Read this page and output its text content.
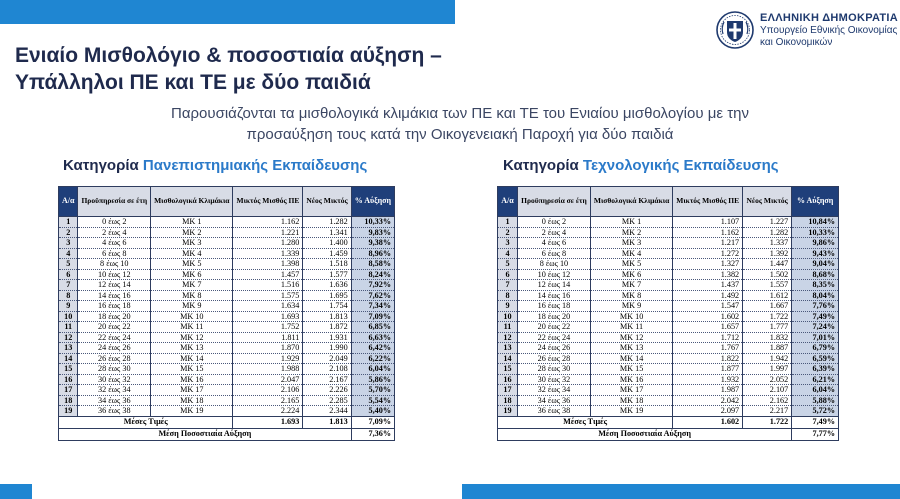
ΕΛΛΗΝΙΚΗ ΔΗΜΟΚΡΑΤΙΑ
Υπουργείο Εθνικής Οικονομίας
και Οικονομικών
Ενιαίο Μισθολόγιο & ποσοστιαία αύξηση –
Υπάλληλοι ΠΕ και ΤΕ με δύο παιδιά
Παρουσιάζονται τα μισθολογικά κλιμάκια των ΠΕ και ΤΕ του Ενιαίου μισθολογίου με την
προσαύξηση τους κατά την Οικογενειακή Παροχή για δύο παιδιά
Κατηγορία Πανεπιστημιακής Εκπαίδευσης	Κατηγορία Τεχνολογικής Εκπαίδευσης
Α/α	Προϋπηρεσία σε έτη	Μισθολογικά Κλιμάκια	Μικτός Μισθός ΠΕ	Νέος Μικτός	% Αύξηση
1	0 έως 2	ΜΚ 1	1.162	1.282	10,33%
2	2 έως 4	ΜΚ 2	1.221	1.341	9,83%
3	4 έως 6	ΜΚ 3	1.280	1.400	9,38%
4	6 έως 8	ΜΚ 4	1.339	1.459	8,96%
5	8 έως 10	ΜΚ 5	1.398	1.518	8,58%
6	10 έως 12	ΜΚ 6	1.457	1.577	8,24%
7	12 έως 14	ΜΚ 7	1.516	1.636	7,92%
8	14 έως 16	ΜΚ 8	1.575	1.695	7,62%
9	16 έως 18	ΜΚ 9	1.634	1.754	7,34%
10	18 έως 20	ΜΚ 10	1.693	1.813	7,09%
11	20 έως 22	ΜΚ 11	1.752	1.872	6,85%
12	22 έως 24	ΜΚ 12	1.811	1.931	6,63%
13	24 έως 26	ΜΚ 13	1.870	1.990	6,42%
14	26 έως 28	ΜΚ 14	1.929	2.049	6,22%
15	28 έως 30	ΜΚ 15	1.988	2.108	6,04%
16	30 έως 32	ΜΚ 16	2.047	2.167	5,86%
17	32 έως 34	ΜΚ 17	2.106	2.226	5,70%
18	34 έως 36	ΜΚ 18	2.165	2.285	5,54%
19	36 έως 38	ΜΚ 19	2.224	2.344	5,40%
Μέσες Τιμές			1.693	1.813	7,09%
Μέση Ποσοστιαία Αύξηση					7,36%
Α/α	Προϋπηρεσία σε έτη	Μισθολογικά Κλιμάκια	Μικτός Μισθός ΠΕ	Νέος Μικτός	% Αύξηση
1	0 έως 2	ΜΚ 1	1.107	1.227	10,84%
2	2 έως 4	ΜΚ 2	1.162	1.282	10,33%
3	4 έως 6	ΜΚ 3	1.217	1.337	9,86%
4	6 έως 8	ΜΚ 4	1.272	1.392	9,43%
5	8 έως 10	ΜΚ 5	1.327	1.447	9,04%
6	10 έως 12	ΜΚ 6	1.382	1.502	8,68%
7	12 έως 14	ΜΚ 7	1.437	1.557	8,35%
8	14 έως 16	ΜΚ 8	1.492	1.612	8,04%
9	16 έως 18	ΜΚ 9	1.547	1.667	7,76%
10	18 έως 20	ΜΚ 10	1.602	1.722	7,49%
11	20 έως 22	ΜΚ 11	1.657	1.777	7,24%
12	22 έως 24	ΜΚ 12	1.712	1.832	7,01%
13	24 έως 26	ΜΚ 13	1.767	1.887	6,79%
14	26 έως 28	ΜΚ 14	1.822	1.942	6,59%
15	28 έως 30	ΜΚ 15	1.877	1.997	6,39%
16	30 έως 32	ΜΚ 16	1.932	2.052	6,21%
17	32 έως 34	ΜΚ 17	1.987	2.107	6,04%
18	34 έως 36	ΜΚ 18	2.042	2.162	5,88%
19	36 έως 38	ΜΚ 19	2.097	2.217	5,72%
Μέσες Τιμές			1.602	1.722	7,49%
Μέση Ποσοστιαία Αύξηση					7,77%
